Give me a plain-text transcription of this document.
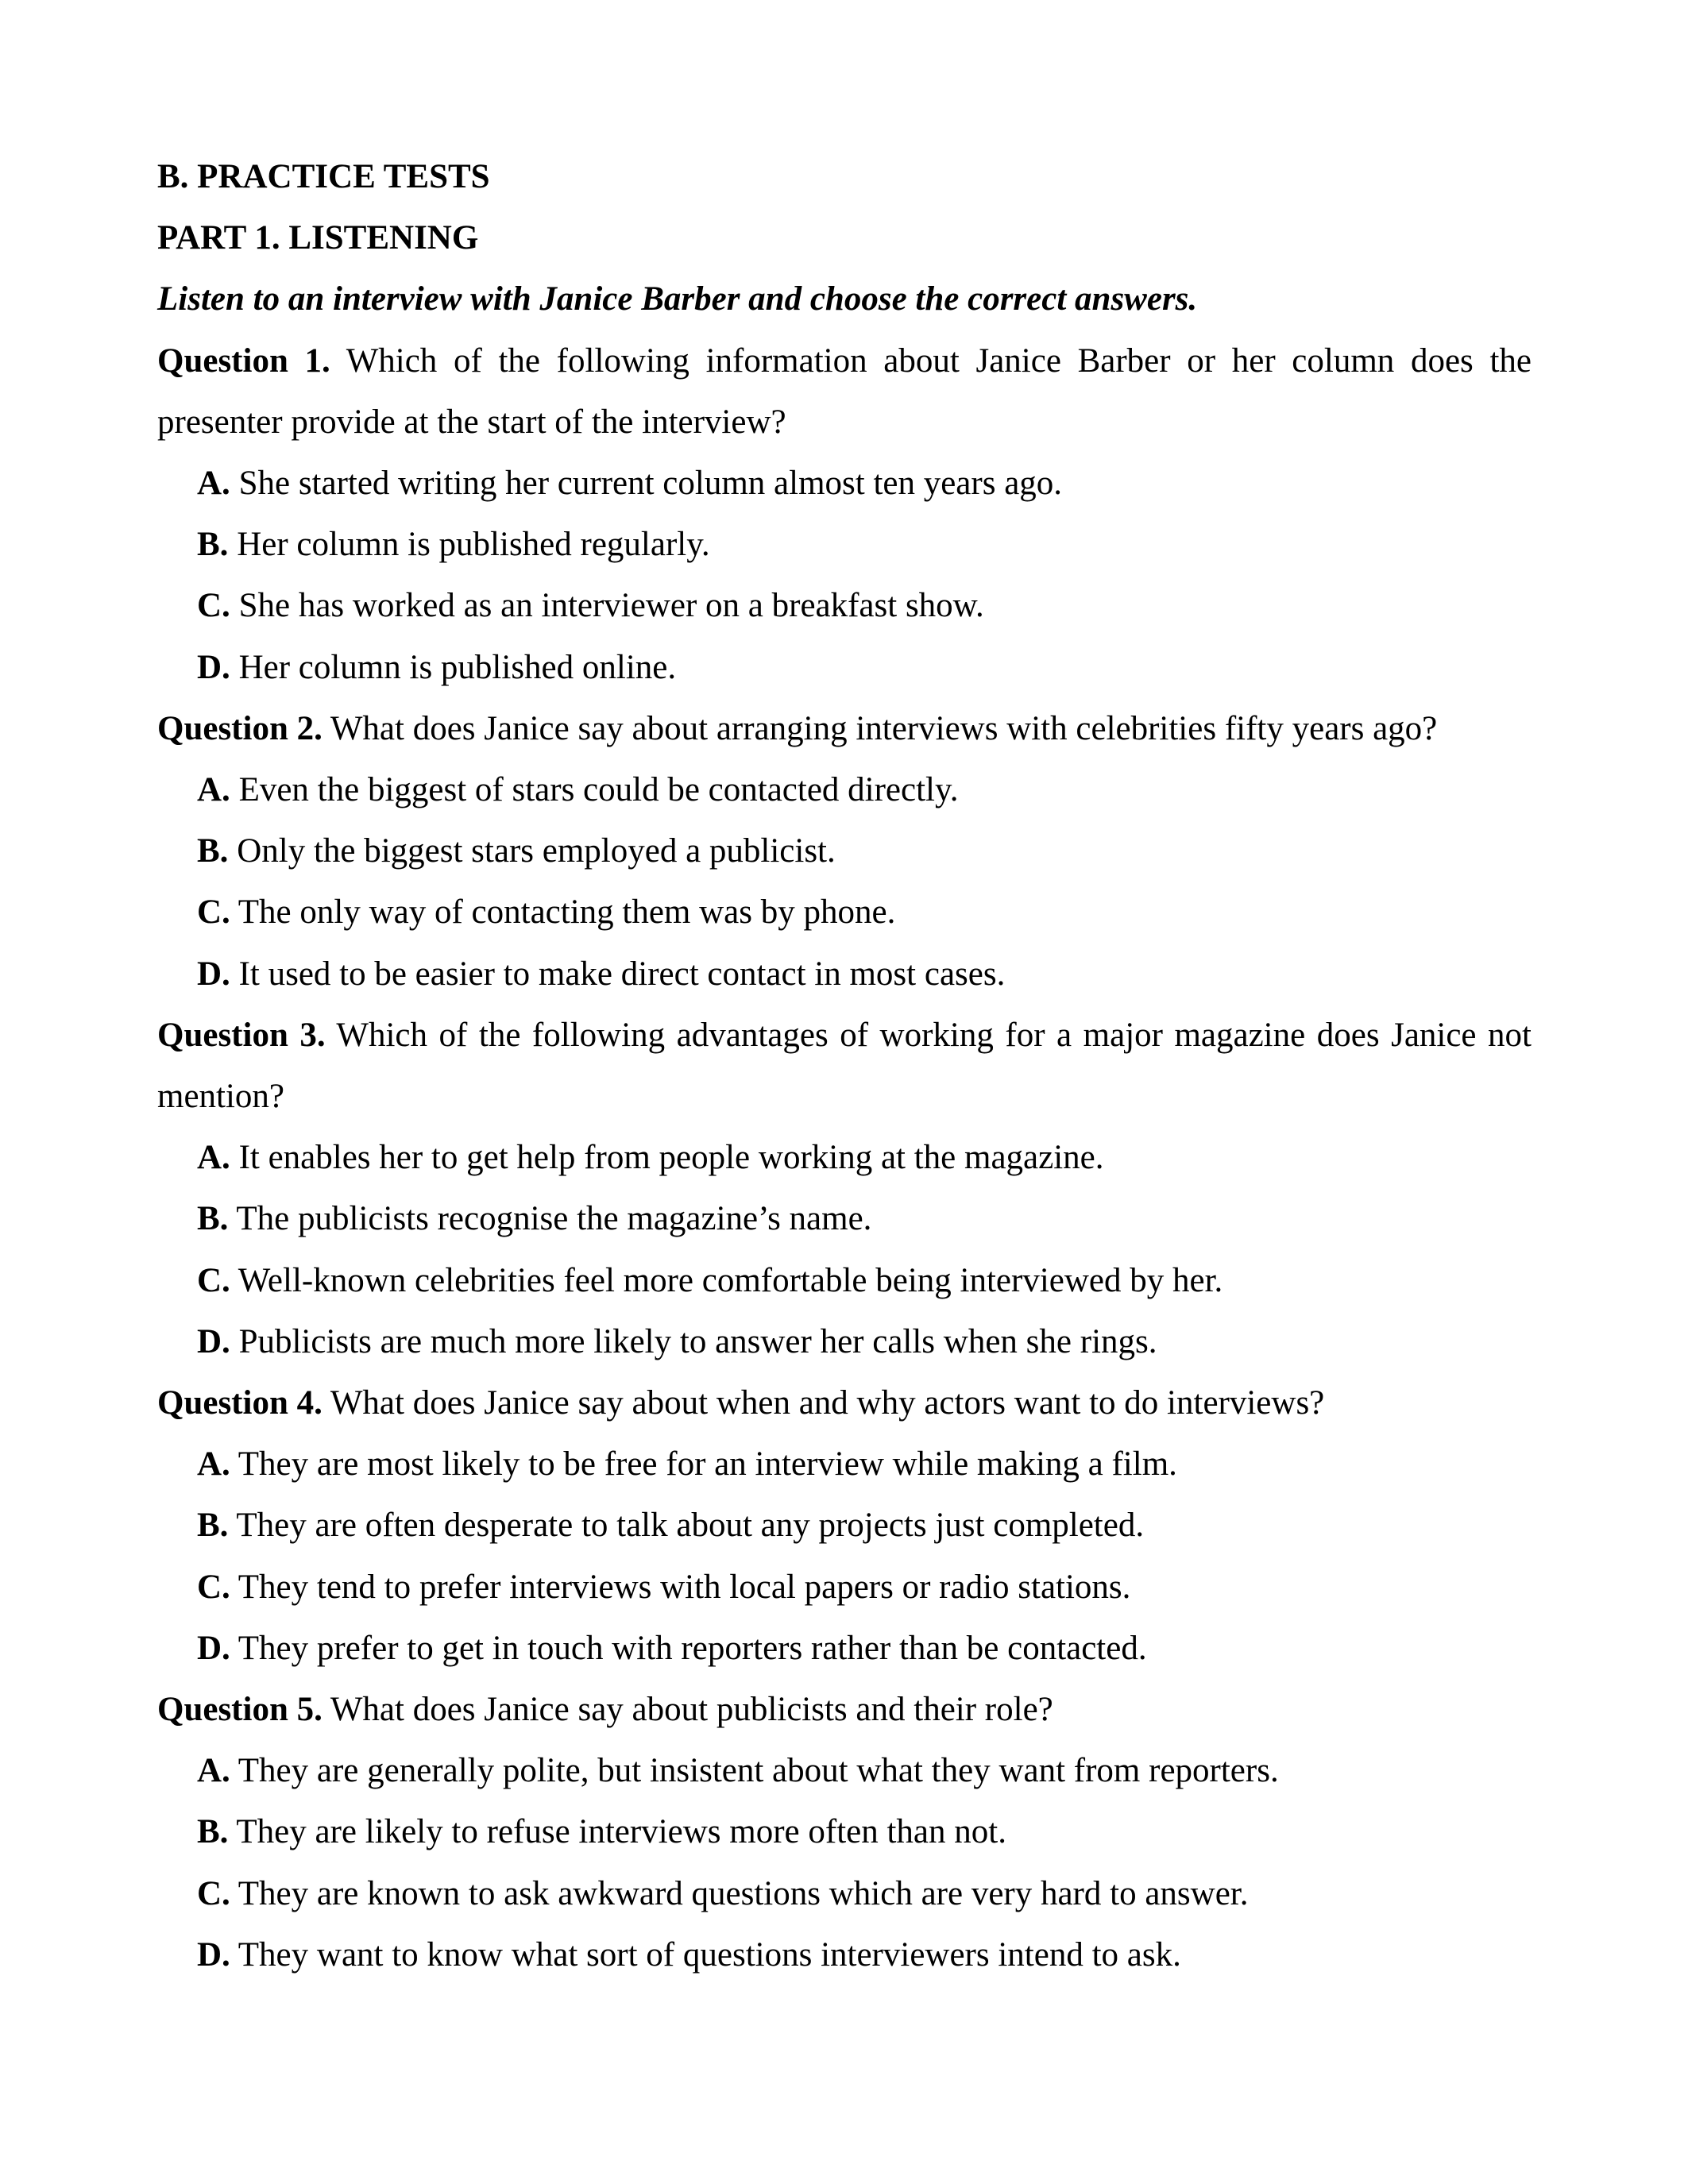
B. PRACTICE TESTS
PART 1. LISTENING
Listen to an interview with Janice Barber and choose the correct answers.
Question 1. Which of the following information about Janice Barber or her column does the presenter provide at the start of the interview?
A. She started writing her current column almost ten years ago.
B. Her column is published regularly.
C. She has worked as an interviewer on a breakfast show.
D. Her column is published online.
Question 2. What does Janice say about arranging interviews with celebrities fifty years ago?
A. Even the biggest of stars could be contacted directly.
B. Only the biggest stars employed a publicist.
C. The only way of contacting them was by phone.
D. It used to be easier to make direct contact in most cases.
Question 3. Which of the following advantages of working for a major magazine does Janice not mention?
A. It enables her to get help from people working at the magazine.
B. The publicists recognise the magazine’s name.
C. Well-known celebrities feel more comfortable being interviewed by her.
D. Publicists are much more likely to answer her calls when she rings.
Question 4. What does Janice say about when and why actors want to do interviews?
A. They are most likely to be free for an interview while making a film.
B. They are often desperate to talk about any projects just completed.
C. They tend to prefer interviews with local papers or radio stations.
D. They prefer to get in touch with reporters rather than be contacted.
Question 5. What does Janice say about publicists and their role?
A. They are generally polite, but insistent about what they want from reporters.
B. They are likely to refuse interviews more often than not.
C. They are known to ask awkward questions which are very hard to answer.
D. They want to know what sort of questions interviewers intend to ask.
